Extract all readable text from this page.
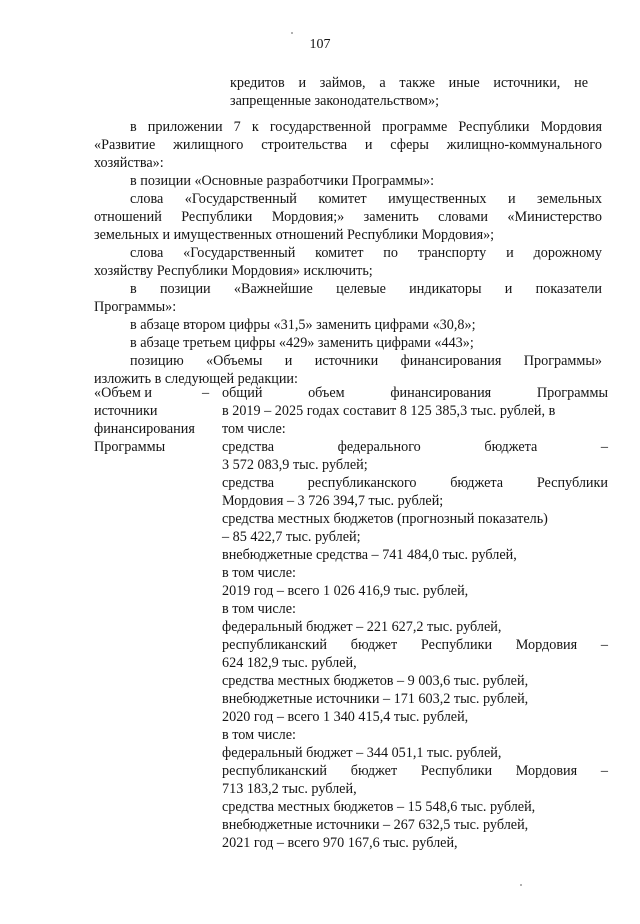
107
кредитов и займов, а также иные источники, не
запрещенные законодательством»;
в приложении 7 к государственной программе Республики Мордовия
«Развитие жилищного строительства и сферы жилищно-коммунального
хозяйства»:
в позиции «Основные разработчики Программы»:
слова «Государственный комитет имущественных и земельных
отношений Республики Мордовия;» заменить словами «Министерство
земельных и имущественных отношений Республики Мордовия»;
слова «Государственный комитет по транспорту и дорожному
хозяйству Республики Мордовия» исключить;
в позиции «Важнейшие целевые индикаторы и показатели
Программы»:
в абзаце втором цифры «31,5» заменить цифрами «30,8»;
в абзаце третьем цифры «429» заменить цифрами «443»;
позицию «Объемы и источники финансирования Программы»
изложить в следующей редакции:
«Объем и
источники
финансирования
Программы
– общий объем финансирования Программы
в 2019 – 2025 годах составит 8 125 385,3 тыс. рублей, в
том числе:
средства федерального бюджета –
3 572 083,9 тыс. рублей;
средства республиканского бюджета Республики
Мордовия – 3 726 394,7 тыс. рублей;
средства местных бюджетов (прогнозный показатель)
– 85 422,7 тыс. рублей;
внебюджетные средства – 741 484,0 тыс. рублей,
в том числе:
2019 год – всего 1 026 416,9 тыс. рублей,
в том числе:
федеральный бюджет – 221 627,2 тыс. рублей,
республиканский бюджет Республики Мордовия –
624 182,9 тыс. рублей,
средства местных бюджетов – 9 003,6 тыс. рублей,
внебюджетные источники – 171 603,2 тыс. рублей,
2020 год – всего 1 340 415,4 тыс. рублей,
в том числе:
федеральный бюджет – 344 051,1 тыс. рублей,
республиканский бюджет Республики Мордовия –
713 183,2 тыс. рублей,
средства местных бюджетов – 15 548,6 тыс. рублей,
внебюджетные источники – 267 632,5 тыс. рублей,
2021 год – всего 970 167,6 тыс. рублей,
